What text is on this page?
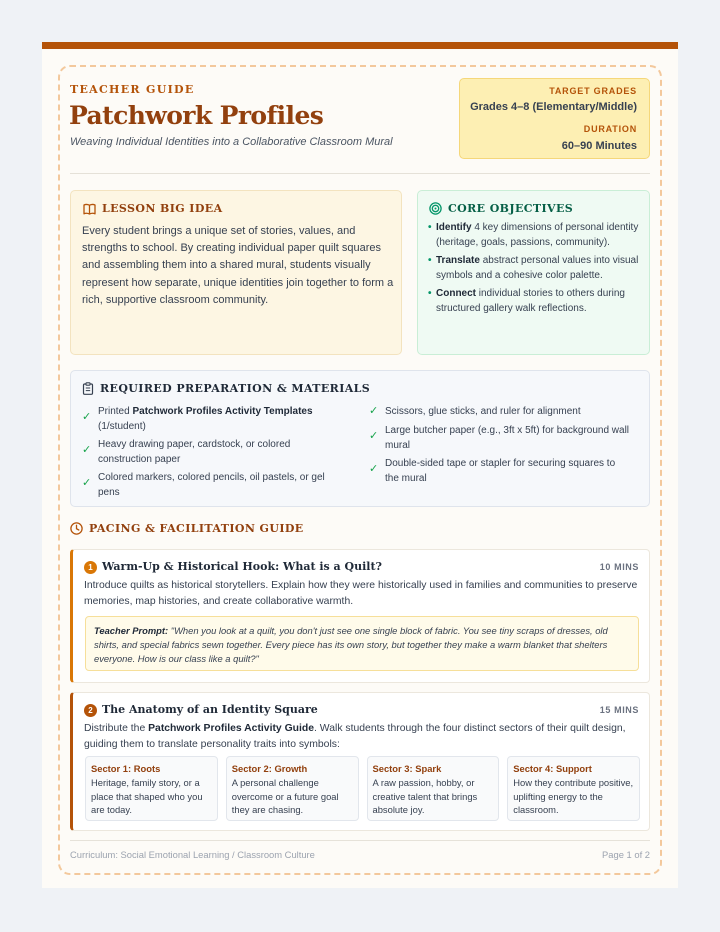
TEACHER GUIDE
Patchwork Profiles
Weaving Individual Identities into a Collaborative Classroom Mural
TARGET GRADES
Grades 4–8 (Elementary/Middle)
DURATION
60–90 Minutes
LESSON BIG IDEA
Every student brings a unique set of stories, values, and strengths to school. By creating individual paper quilt squares and assembling them into a shared mural, students visually represent how separate, unique identities join together to form a rich, supportive classroom community.
CORE OBJECTIVES
• Identify 4 key dimensions of personal identity (heritage, goals, passions, community).
• Translate abstract personal values into visual symbols and a cohesive color palette.
• Connect individual stories to others during structured gallery walk reflections.
REQUIRED PREPARATION & MATERIALS
✓ Printed Patchwork Profiles Activity Templates (1/student)
✓ Heavy drawing paper, cardstock, or colored construction paper
✓ Colored markers, colored pencils, oil pastels, or gel pens
✓ Scissors, glue sticks, and ruler for alignment
✓ Large butcher paper (e.g., 3ft x 5ft) for background wall mural
✓ Double-sided tape or stapler for securing squares to the mural
PACING & FACILITATION GUIDE
1 Warm-Up & Historical Hook: What is a Quilt?	10 MINS
Introduce quilts as historical storytellers. Explain how they were historically used in families and communities to preserve memories, map histories, and create collaborative warmth.
Teacher Prompt: "When you look at a quilt, you don't just see one single block of fabric. You see tiny scraps of dresses, old shirts, and special fabrics sewn together. Every piece has its own story, but together they make a warm blanket that shelters everyone. How is our class like a quilt?"
2 The Anatomy of an Identity Square	15 MINS
Distribute the Patchwork Profiles Activity Guide. Walk students through the four distinct sectors of their quilt design, guiding them to translate personality traits into symbols:
Sector 1: Roots
Heritage, family story, or a place that shaped who you are today.
Sector 2: Growth
A personal challenge overcome or a future goal they are chasing.
Sector 3: Spark
A raw passion, hobby, or creative talent that brings absolute joy.
Sector 4: Support
How they contribute positive, uplifting energy to the classroom.
Curriculum: Social Emotional Learning / Classroom Culture	Page 1 of 2
